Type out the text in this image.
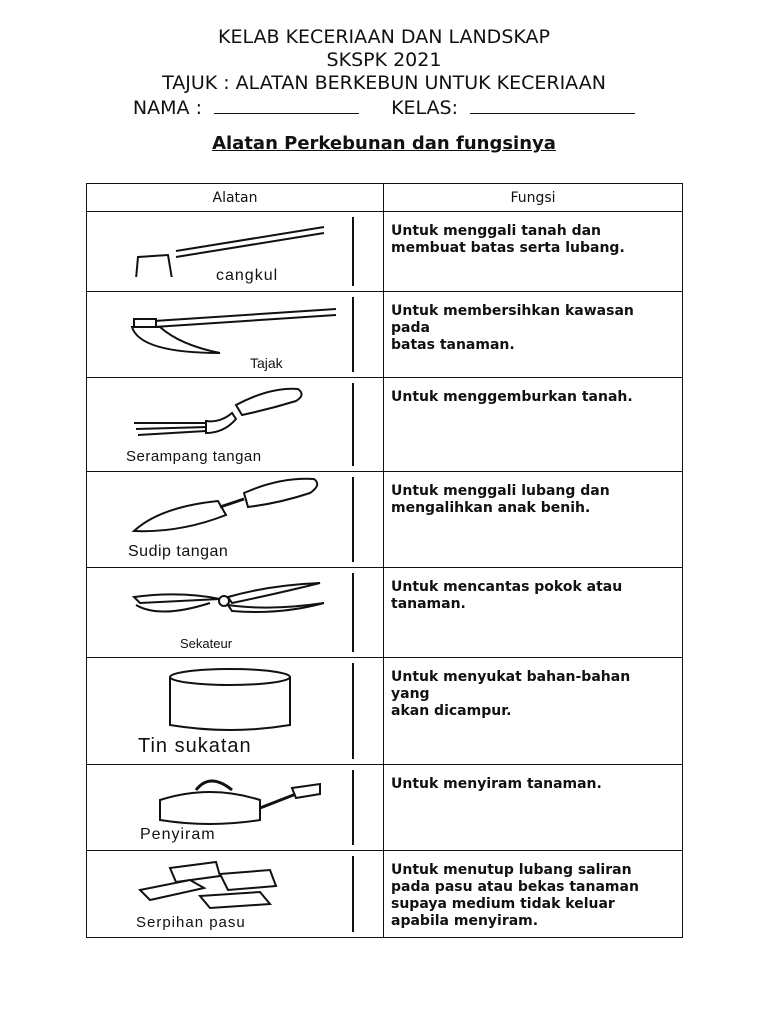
KELAB KECERIAAN DAN LANDSKAP
SKSPK 2021
TAJUK : ALATAN BERKEBUN UNTUK KECERIAAN
NAMA :	KELAS:
Alatan Perkebunan dan fungsinya
Alatan	Fungsi

cangkul	Untuk menggali tanah dan
membuat batas serta lubang.

Tajak	Untuk membersihkan kawasan
pada
batas tanaman.

Serampang tangan	Untuk menggemburkan tanah.

Sudip tangan	Untuk menggali lubang dan
mengalihkan anak benih.

Sekateur	Untuk mencantas pokok atau
tanaman.

Tin sukatan	Untuk menyukat bahan-bahan
yang
akan dicampur.

Penyiram	Untuk menyiram tanaman.

Serpihan pasu	Untuk menutup lubang saliran
pada pasu atau bekas tanaman
supaya medium tidak keluar
apabila menyiram.
